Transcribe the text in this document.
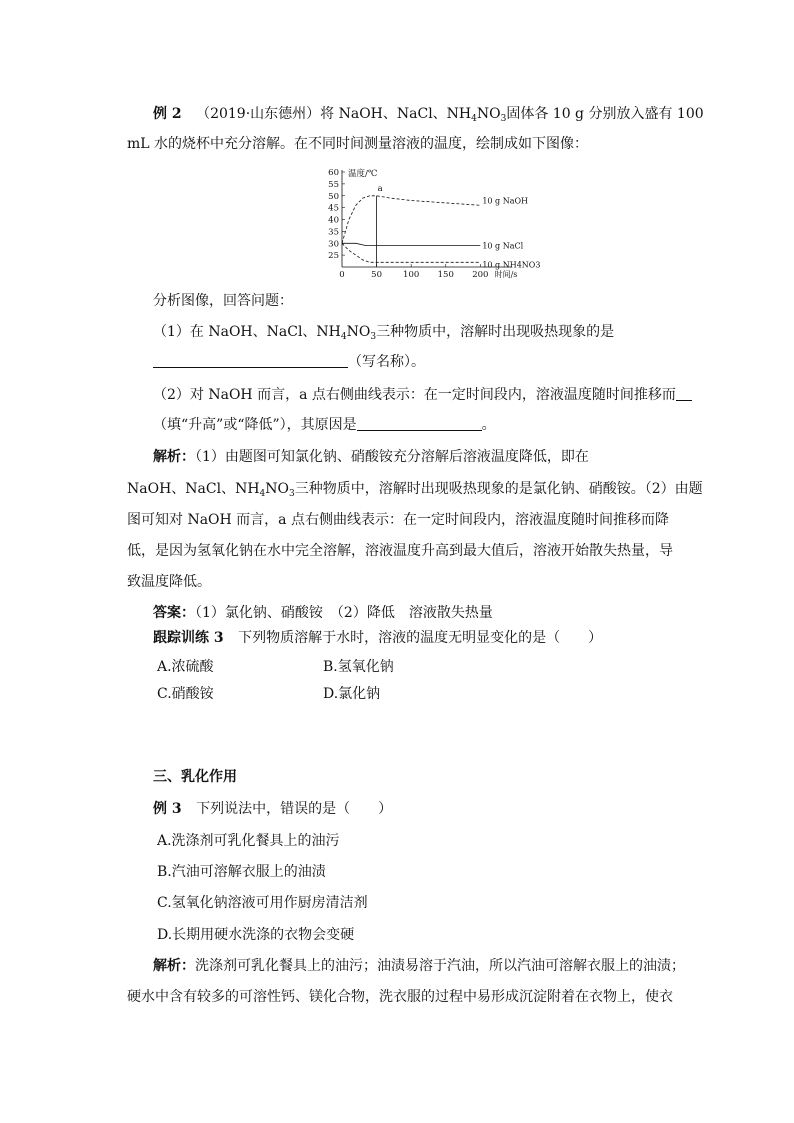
例 2 （2019·山东德州）将 NaOH、NaCl、$NH_4NO_3$固体各 10 g 分别放入盛有 100
mL 水的烧杯中充分溶解。在不同时间测量溶液的温度，绘制成如下图像：
25
30
35
40
45
50
55
60
0	50 100 150 200
温度/℃
时间/s
a
10 g NaOH
10 g NaCl
10 g NH4NO3
分析图像，回答问题：
（1）在 NaOH、NaCl、$NH_4NO_3$三种物质中，溶解时出现吸热现象的是
（写名称）。
（2）对 NaOH 而言，a 点右侧曲线表示：在一定时间段内，溶液温度随时间推移而
（填“升高”或“降低”），其原因是	。
解析：（1）由题图可知氯化钠、硝酸铵充分溶解后溶液温度降低，即在
NaOH、NaCl、$NH_4NO_3$三种物质中，溶解时出现吸热现象的是氯化钠、硝酸铵。（2）由题
图可知对 NaOH 而言，a 点右侧曲线表示：在一定时间段内，溶液温度随时间推移而降
低，是因为氢氧化钠在水中完全溶解，溶液温度升高到最大值后，溶液开始散失热量，导
致温度降低。
答案：（1）氯化钠、硝酸铵　（2）降低　溶液散失热量
跟踪训练 3 下列物质溶解于水时，溶液的温度无明显变化的是（　　）
A.浓硫酸	B.氢氧化钠
C.硝酸铵	D.氯化钠
三、乳化作用
例 3 下列说法中，错误的是（　　）
A.洗涤剂可乳化餐具上的油污
B.汽油可溶解衣服上的油渍
C.氢氧化钠溶液可用作厨房清洁剂
D.长期用硬水洗涤的衣物会变硬
解析：洗涤剂可乳化餐具上的油污；油渍易溶于汽油，所以汽油可溶解衣服上的油渍；
硬水中含有较多的可溶性钙、镁化合物，洗衣服的过程中易形成沉淀附着在衣物上，使衣
